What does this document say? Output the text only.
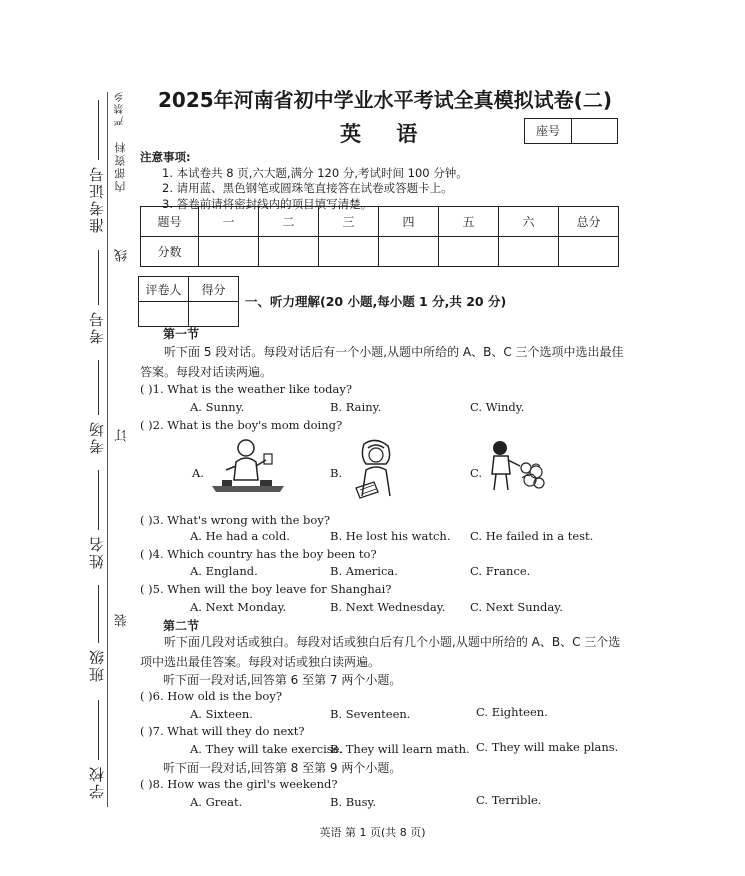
严禁乡
内部资料
线
订
装
准考证号
考号
考场
姓名
班级
学校
2025年河南省初中学业水平考试全真模拟试卷(二)
英 语	座号
注意事项:
1. 本试卷共 8 页,六大题,满分 120 分,考试时间 100 分钟。
2. 请用蓝、黑色钢笔或圆珠笔直接答在试卷或答题卡上。
3. 答卷前请将密封线内的项目填写清楚。
题号	一	二	三	四	五	六	总分
分数							
评卷人	得分

一、听力理解(20 小题,每小题 1 分,共 20 分)
第一节
听下面 5 段对话。每段对话后有一个小题,从题中所给的 A、B、C 三个选项中选出最佳答案。每段对话读两遍。
( )1. What is the weather like today?
A. Sunny.	B. Rainy.	C. Windy.
( )2. What is the boy's mom doing?
A.	B.	C.
( )3. What's wrong with the boy?
A. He had a cold.	B. He lost his watch. C. He failed in a test.
( )4. Which country has the boy been to?
A. England.	B. America.	C. France.
( )5. When will the boy leave for Shanghai?
A. Next Monday.	B. Next Wednesday. C. Next Sunday.
第二节
听下面几段对话或独白。每段对话或独白后有几个小题,从题中所给的 A、B、C 三个选项中选出最佳答案。每段对话或独白读两遍。
听下面一段对话,回答第 6 至第 7 两个小题。
( )6. How old is the boy?
A. Sixteen.	B. Seventeen.	C. Eighteen.
( )7. What will they do next?
A. They will take exercise.
B. They will learn math. C. They will make plans.
听下面一段对话,回答第 8 至第 9 两个小题。
( )8. How was the girl's weekend?
A. Great.	B. Busy.	C. Terrible.
英语 第 1 页(共 8 页)
